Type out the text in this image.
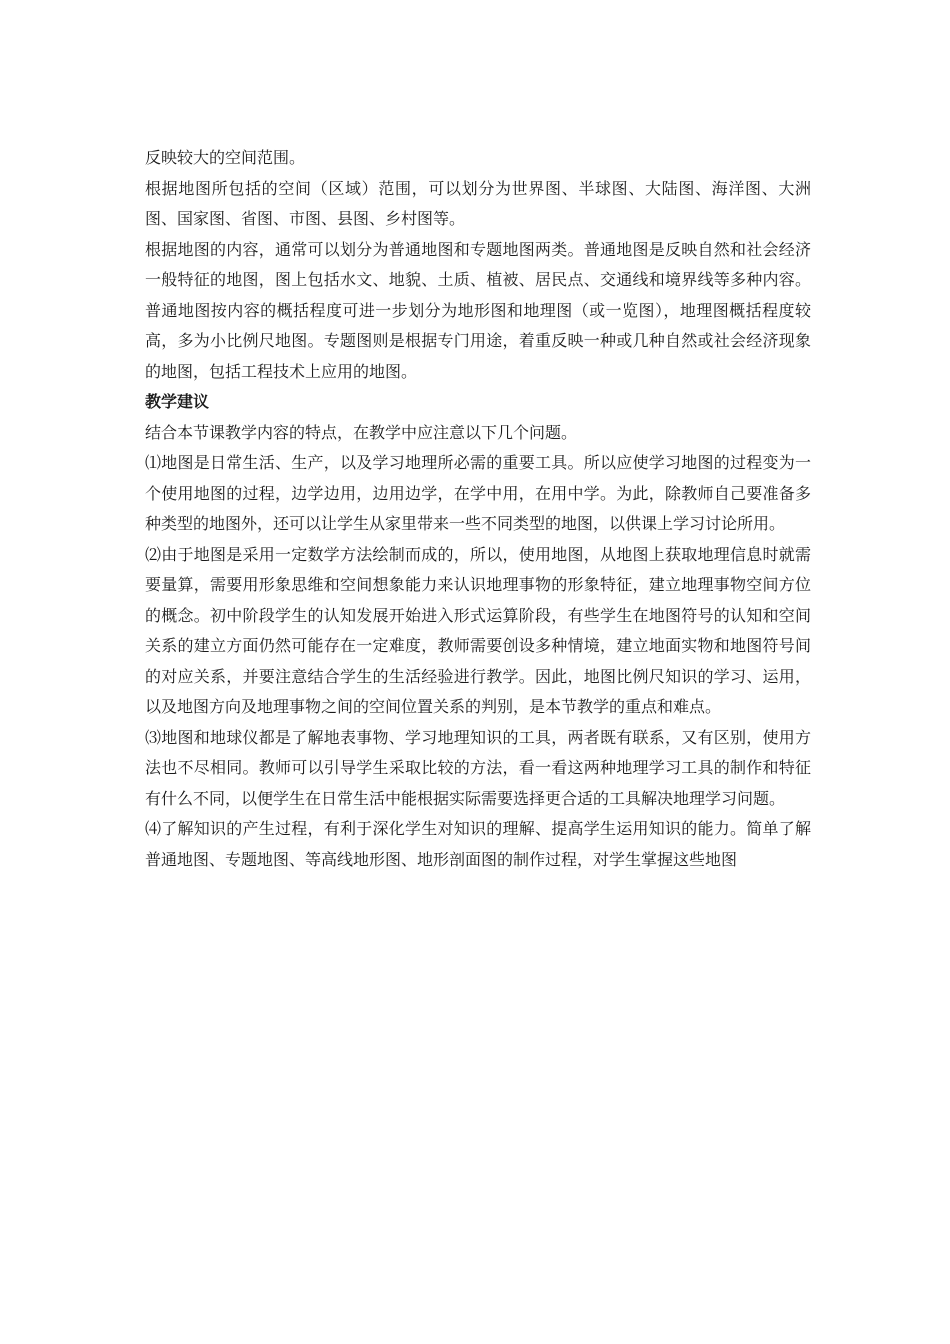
反映较大的空间范围。

根据地图所包括的空间（区域）范围，可以划分为世界图、半球图、大陆图、海洋图、大洲图、国家图、省图、市图、县图、乡村图等。

根据地图的内容，通常可以划分为普通地图和专题地图两类。普通地图是反映自然和社会经济一般特征的地图，图上包括水文、地貌、土质、植被、居民点、交通线和境界线等多种内容。普通地图按内容的概括程度可进一步划分为地形图和地理图（或一览图），地理图概括程度较高，多为小比例尺地图。专题图则是根据专门用途，着重反映一种或几种自然或社会经济现象的地图，包括工程技术上应用的地图。

教学建议

结合本节课教学内容的特点，在教学中应注意以下几个问题。

⑴地图是日常生活、生产，以及学习地理所必需的重要工具。所以应使学习地图的过程变为一个使用地图的过程，边学边用，边用边学，在学中用，在用中学。为此，除教师自己要准备多种类型的地图外，还可以让学生从家里带来一些不同类型的地图，以供课上学习讨论所用。

⑵由于地图是采用一定数学方法绘制而成的，所以，使用地图，从地图上获取地理信息时就需要量算，需要用形象思维和空间想象能力来认识地理事物的形象特征，建立地理事物空间方位的概念。初中阶段学生的认知发展开始进入形式运算阶段，有些学生在地图符号的认知和空间关系的建立方面仍然可能存在一定难度，教师需要创设多种情境，建立地面实物和地图符号间的对应关系，并要注意结合学生的生活经验进行教学。因此，地图比例尺知识的学习、运用，以及地图方向及地理事物之间的空间位置关系的判别，是本节教学的重点和难点。

⑶地图和地球仪都是了解地表事物、学习地理知识的工具，两者既有联系，又有区别，使用方法也不尽相同。教师可以引导学生采取比较的方法，看一看这两种地理学习工具的制作和特征有什么不同，以便学生在日常生活中能根据实际需要选择更合适的工具解决地理学习问题。

⑷了解知识的产生过程，有利于深化学生对知识的理解、提高学生运用知识的能力。简单了解普通地图、专题地图、等高线地形图、地形剖面图的制作过程，对学生掌握这些地图
